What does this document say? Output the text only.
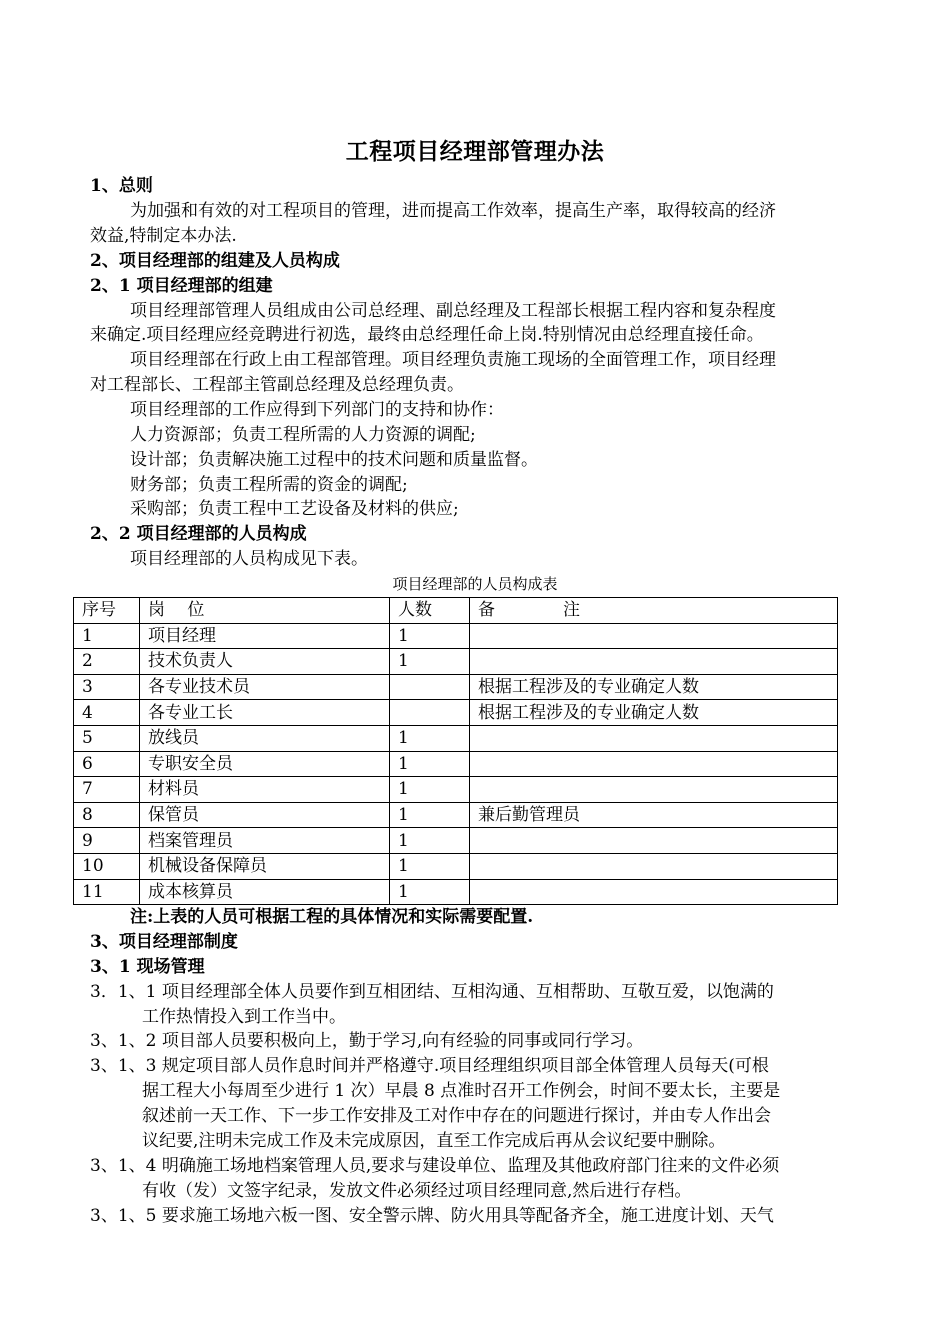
工程项目经理部管理办法
1、总则
为加强和有效的对工程项目的管理，进而提高工作效率，提高生产率，取得较高的经济
效益,特制定本办法.
2、项目经理部的组建及人员构成
2、1 项目经理部的组建
项目经理部管理人员组成由公司总经理、副总经理及工程部长根据工程内容和复杂程度
来确定.项目经理应经竞聘进行初选，最终由总经理任命上岗.特别情况由总经理直接任命。
项目经理部在行政上由工程部管理。项目经理负责施工现场的全面管理工作，项目经理
对工程部长、工程部主管副总经理及总经理负责。
项目经理部的工作应得到下列部门的支持和协作：
人力资源部；负责工程所需的人力资源的调配;
设计部；负责解决施工过程中的技术问题和质量监督。
财务部；负责工程所需的资金的调配;
采购部；负责工程中工艺设备及材料的供应;
2、2 项目经理部的人员构成
项目经理部的人员构成见下表。
项目经理部的人员构成表
序号	岗　 位	人数	备　　　　注
1	项目经理	1	
2	技术负责人	1	
3	各专业技术员		根据工程涉及的专业确定人数
4	各专业工长		根据工程涉及的专业确定人数
5	放线员	1	
6	专职安全员	1	
7	材料员	1	
8	保管员	1	兼后勤管理员
9	档案管理员	1	
10	机械设备保障员	1	
11	成本核算员	1	
注:上表的人员可根据工程的具体情况和实际需要配置.
3、项目经理部制度
3、1 现场管理
3．1、1 项目经理部全体人员要作到互相团结、互相沟通、互相帮助、互敬互爱，以饱满的
工作热情投入到工作当中。
3、1、2 项目部人员要积极向上，勤于学习,向有经验的同事或同行学习。
3、1、3 规定项目部人员作息时间并严格遵守.项目经理组织项目部全体管理人员每天(可根
据工程大小每周至少进行 1 次）早晨 8 点准时召开工作例会，时间不要太长，主要是
叙述前一天工作、下一步工作安排及工对作中存在的问题进行探讨，并由专人作出会
议纪要,注明未完成工作及未完成原因，直至工作完成后再从会议纪要中删除。
3、1、4 明确施工场地档案管理人员,要求与建设单位、监理及其他政府部门往来的文件必须
有收（发）文签字纪录，发放文件必须经过项目经理同意,然后进行存档。
3、1、5 要求施工场地六板一图、安全警示牌、防火用具等配备齐全，施工进度计划、天气
